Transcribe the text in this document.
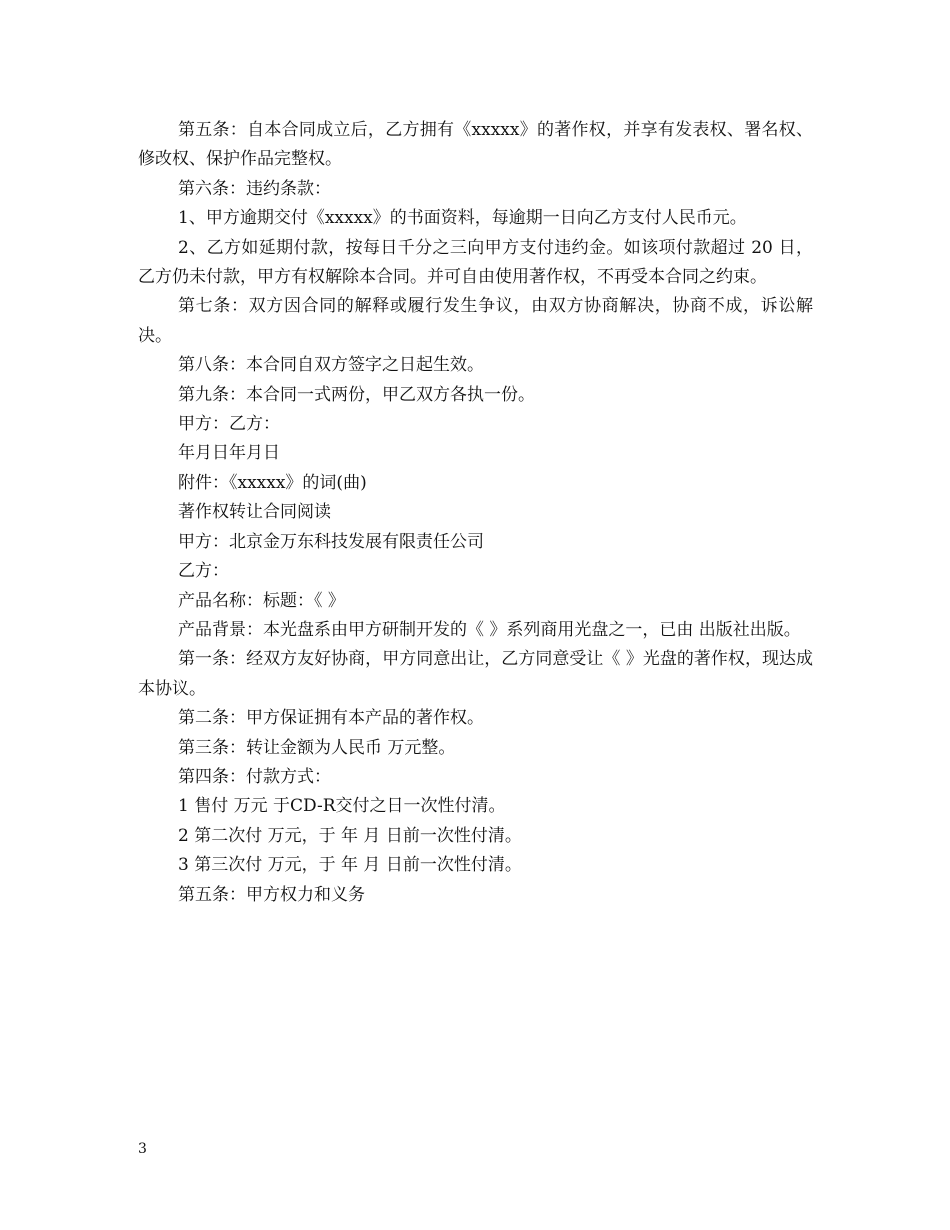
第五条：自本合同成立后，乙方拥有《xxxxx》的著作权，并享有发表权、署名权、修改权、保护作品完整权。

第六条：违约条款：

1、甲方逾期交付《xxxxx》的书面资料，每逾期一日向乙方支付人民币元。

2、乙方如延期付款，按每日千分之三向甲方支付违约金。如该项付款超过 20 日，乙方仍未付款，甲方有权解除本合同。并可自由使用著作权，不再受本合同之约束。

第七条：双方因合同的解释或履行发生争议，由双方协商解决，协商不成，诉讼解决。

第八条：本合同自双方签字之日起生效。

第九条：本合同一式两份，甲乙双方各执一份。

甲方：乙方：

年月日年月日

附件：《xxxxx》的词(曲)

著作权转让合同阅读

甲方：北京金万东科技发展有限责任公司

乙方：

产品名称：标题：《 》

产品背景：本光盘系由甲方研制开发的《 》系列商用光盘之一，已由 出版社出版。

第一条：经双方友好协商，甲方同意出让，乙方同意受让《 》光盘的著作权，现达成本协议。

第二条：甲方保证拥有本产品的著作权。

第三条：转让金额为人民币 万元整。

第四条：付款方式：

1 售付 万元 于CD-R交付之日一次性付清。

2 第二次付 万元，于 年 月 日前一次性付清。

3 第三次付 万元，于 年 月 日前一次性付清。

第五条：甲方权力和义务

3
